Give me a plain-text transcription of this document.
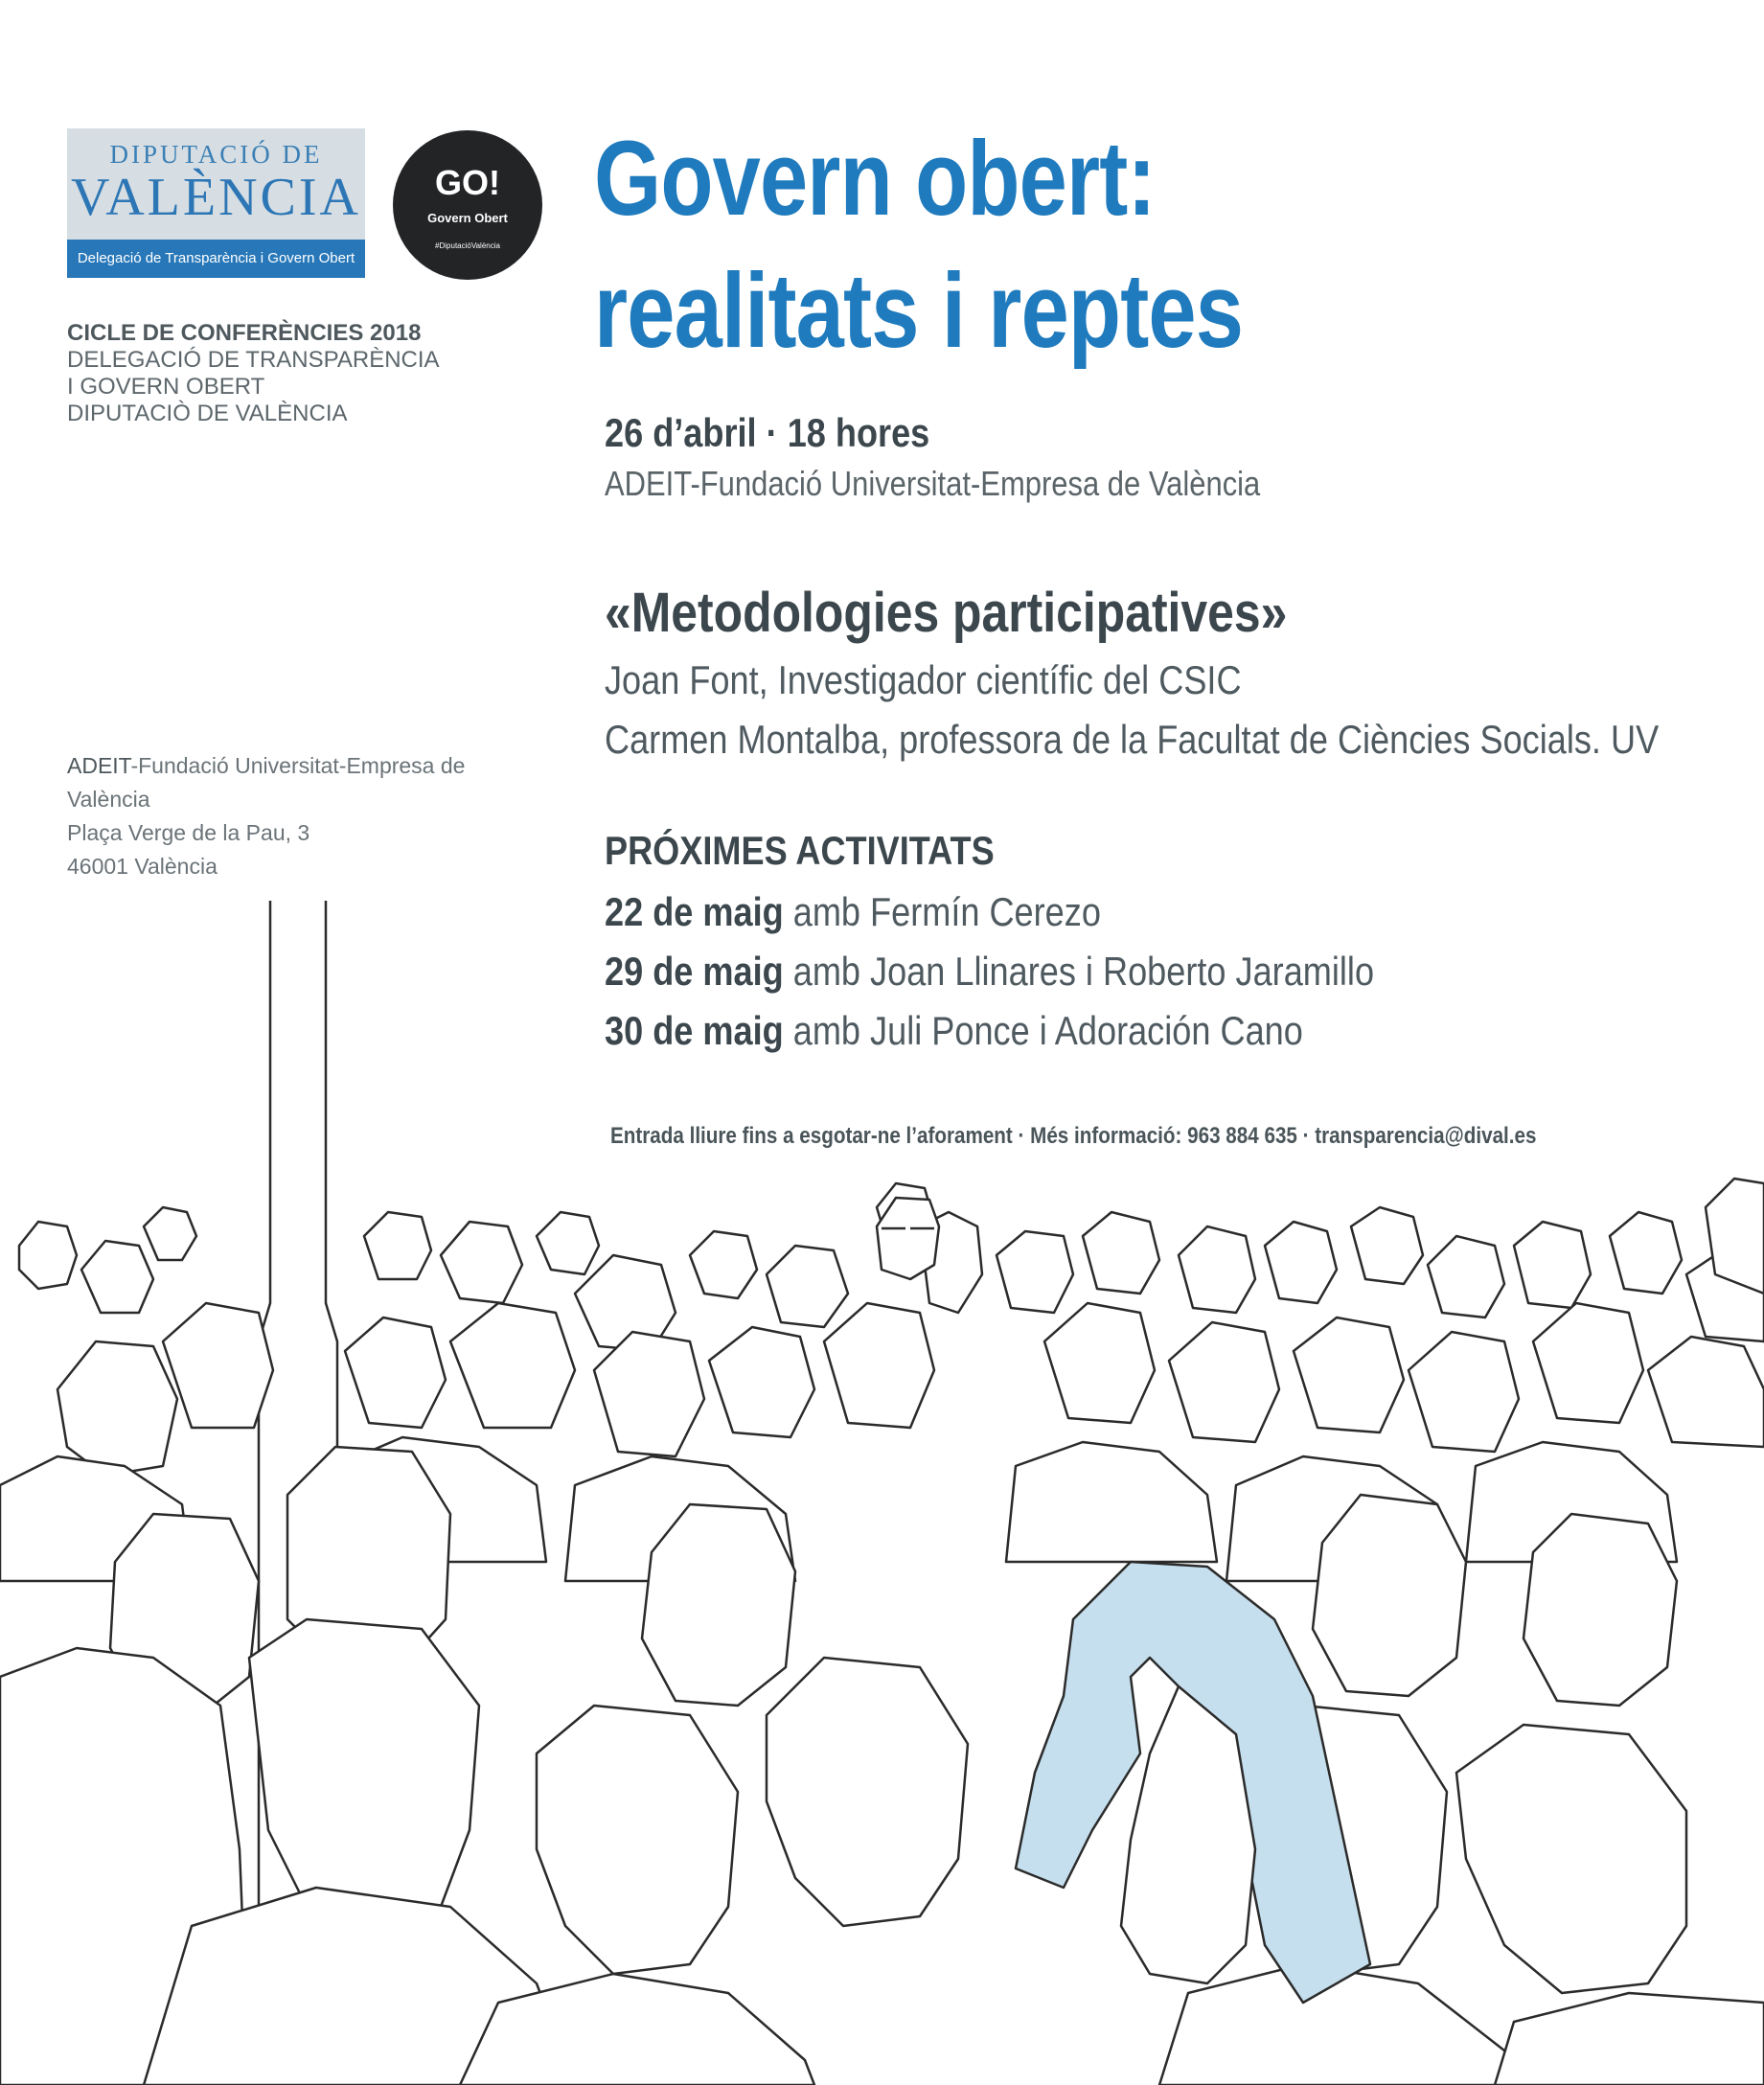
DIPUTACIÓ DE
VALÈNCIA
Delegació de Transparència i Govern Obert
GO!
Govern Obert
#DiputacióValència
CICLE DE CONFERÈNCIES 2018
DELEGACIÓ DE TRANSPARÈNCIA
I GOVERN OBERT
DIPUTACIÒ DE VALÈNCIA
ADEIT-Fundació Universitat-Empresa de València
Plaça Verge de la Pau, 3
46001 València
Govern obert:
realitats i reptes
26 d’abril · 18 hores
ADEIT-Fundació Universitat-Empresa de València
«Metodologies participatives»
Joan Font, Investigador científic del CSIC
Carmen Montalba, professora de la Facultat de Ciències Socials. UV
PRÓXIMES ACTIVITATS
22 de maig amb Fermín Cerezo
29 de maig amb Joan Llinares i Roberto Jaramillo
30 de maig amb Juli Ponce i Adoración Cano
Entrada lliure fins a esgotar-ne l’aforament · Més informació: 963 884 635 · transparencia@dival.es
